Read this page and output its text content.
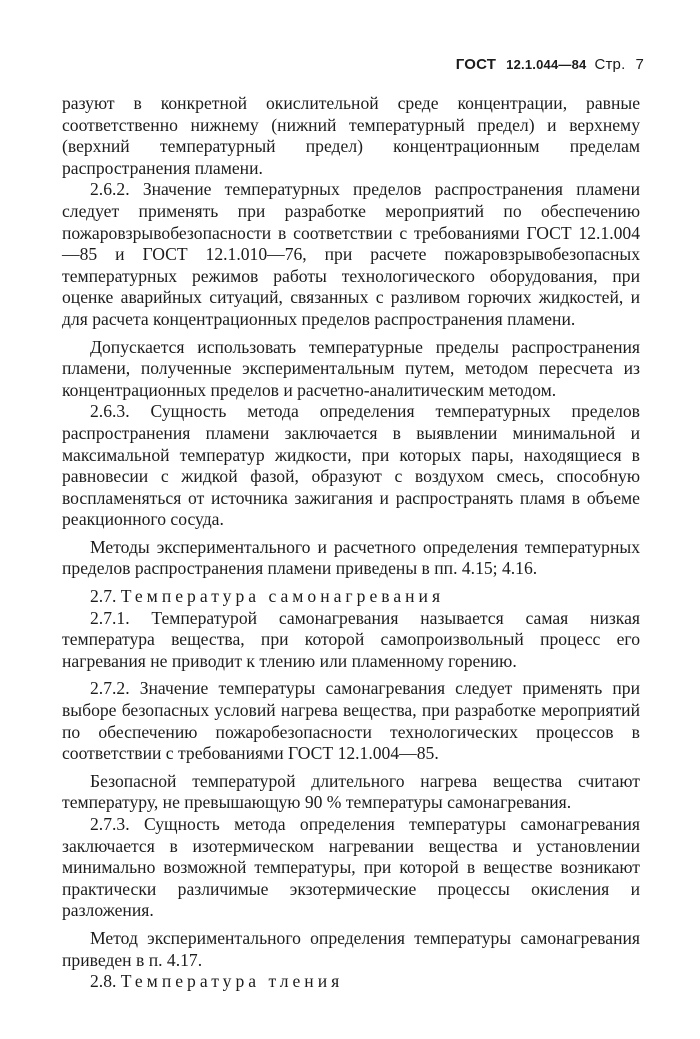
ГОСТ 12.1.044—84 Стр. 7

разуют в конкретной окислительной среде концентрации, равные соответственно нижнему (нижний температурный предел) и верхнему (верхний температурный предел) концентрационным пределам распространения пламени.

2.6.2. Значение температурных пределов распространения пламени следует применять при разработке мероприятий по обеспечению пожаровзрывобезопасности в соответствии с требованиями ГОСТ 12.1.004—85 и ГОСТ 12.1.010—76, при расчете пожаровзрывобезопасных температурных режимов работы технологического оборудования, при оценке аварийных ситуаций, связанных с разливом горючих жидкостей, и для расчета концентрационных пределов распространения пламени.

Допускается использовать температурные пределы распространения пламени, полученные экспериментальным путем, методом пересчета из концентрационных пределов и расчетно-аналитическим методом.

2.6.3. Сущность метода определения температурных пределов распространения пламени заключается в выявлении минимальной и максимальной температур жидкости, при которых пары, находящиеся в равновесии с жидкой фазой, образуют с воздухом смесь, способную воспламеняться от источника зажигания и распространять пламя в объеме реакционного сосуда.

Методы экспериментального и расчетного определения температурных пределов распространения пламени приведены в пп. 4.15; 4.16.

2.7. Температура самонагревания

2.7.1. Температурой самонагревания называется самая низкая температура вещества, при которой самопроизвольный процесс его нагревания не приводит к тлению или пламенному горению.

2.7.2. Значение температуры самонагревания следует применять при выборе безопасных условий нагрева вещества, при разработке мероприятий по обеспечению пожаробезопасности технологических процессов в соответствии с требованиями ГОСТ 12.1.004—85.

Безопасной температурой длительного нагрева вещества считают температуру, не превышающую 90 % температуры самонагревания.

2.7.3. Сущность метода определения температуры самонагревания заключается в изотермическом нагревании вещества и установлении минимально возможной температуры, при которой в веществе возникают практически различимые экзотермические процессы окисления и разложения.

Метод экспериментального определения температуры самонагревания приведен в п. 4.17.

2.8. Температура тления
